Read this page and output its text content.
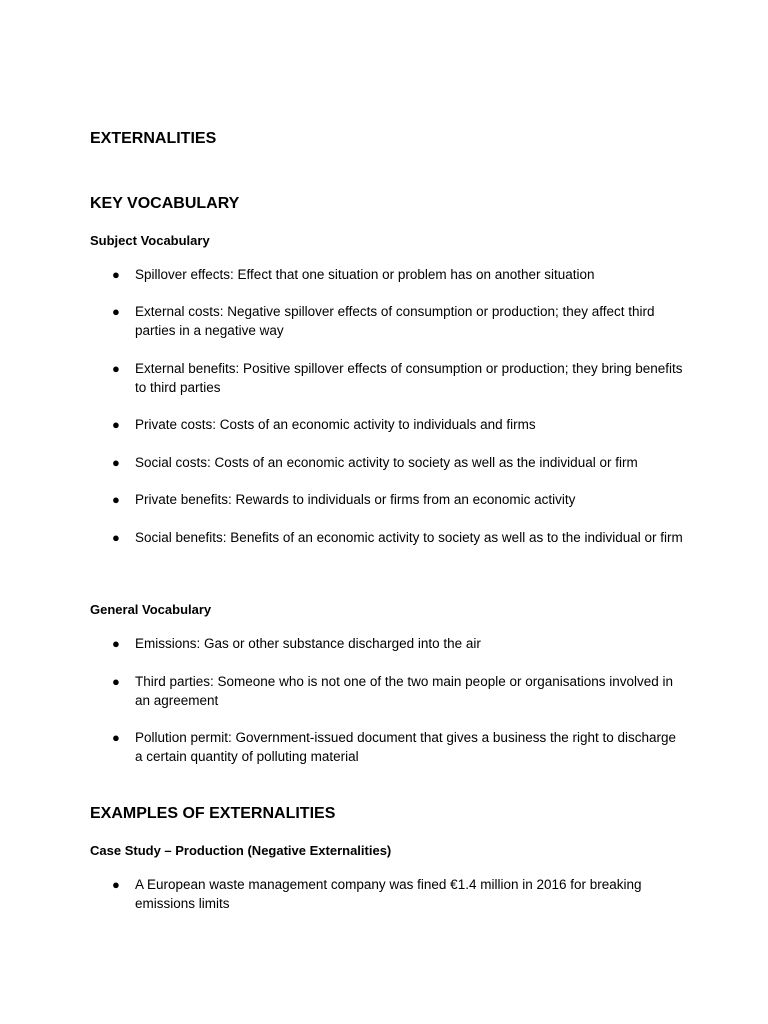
EXTERNALITIES
KEY VOCABULARY
Subject Vocabulary
● Spillover effects: Effect that one situation or problem has on another situation
● External costs: Negative spillover effects of consumption or production; they affect third parties in a negative way
● External benefits: Positive spillover effects of consumption or production; they bring benefits to third parties
● Private costs: Costs of an economic activity to individuals and firms
● Social costs: Costs of an economic activity to society as well as the individual or firm
● Private benefits: Rewards to individuals or firms from an economic activity
● Social benefits: Benefits of an economic activity to society as well as to the individual or firm
General Vocabulary
● Emissions: Gas or other substance discharged into the air
● Third parties: Someone who is not one of the two main people or organisations involved in an agreement
● Pollution permit: Government-issued document that gives a business the right to discharge a certain quantity of polluting material
EXAMPLES OF EXTERNALITIES
Case Study – Production (Negative Externalities)
● A European waste management company was fined €1.4 million in 2016 for breaking emissions limits
